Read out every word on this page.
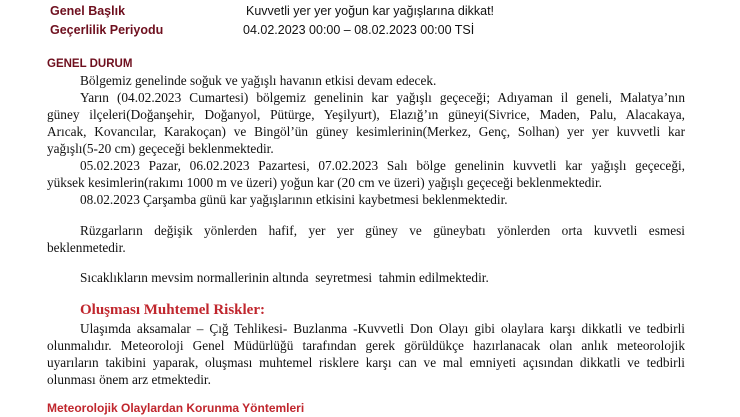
Genel Başlık	Kuvvetli yer yer yoğun kar yağışlarına dikkat!
Geçerlilik Periyodu	04.02.2023 00:00 – 08.02.2023 00:00 TSİ
GENEL DURUM
Bölgemiz genelinde soğuk ve yağışlı havanın etkisi devam edecek.
Yarın (04.02.2023 Cumartesi) bölgemiz genelinin kar yağışlı geçeceği; Adıyaman il geneli, Malatya’nın
güney ilçeleri(Doğanşehir, Doğanyol, Pütürge, Yeşilyurt), Elazığ’ın güneyi(Sivrice, Maden, Palu, Alacakaya,
Arıcak, Kovancılar, Karakoçan) ve Bingöl’ün güney kesimlerinin(Merkez, Genç, Solhan) yer yer kuvvetli kar
yağışlı(5-20 cm) geçeceği beklenmektedir.
05.02.2023 Pazar, 06.02.2023 Pazartesi, 07.02.2023 Salı bölge genelinin kuvvetli kar yağışlı geçeceği,
yüksek kesimlerin(rakımı 1000 m ve üzeri) yoğun kar (20 cm ve üzeri) yağışlı geçeceği beklenmektedir.
08.02.2023 Çarşamba günü kar yağışlarının etkisini kaybetmesi beklenmektedir.
Rüzgarların değişik yönlerden hafif, yer yer güney ve güneybatı yönlerden orta kuvvetli esmesi
beklenmetedir.
Sıcaklıkların mevsim normallerinin altında  seyretmesi  tahmin edilmektedir.
Oluşması Muhtemel Riskler:
Ulaşımda aksamalar – Çığ Tehlikesi- Buzlanma -Kuvvetli Don Olayı gibi olaylara karşı dikkatli ve tedbirli
olunmalıdır. Meteoroloji Genel Müdürlüğü tarafından gerek görüldükçe hazırlanacak olan anlık meteorolojik
uyarıların takibini yaparak, oluşması muhtemel risklere karşı can ve mal emniyeti açısından dikkatli ve tedbirli
olunması önem arz etmektedir.
Meteorolojik Olaylardan Korunma Yöntemleri
